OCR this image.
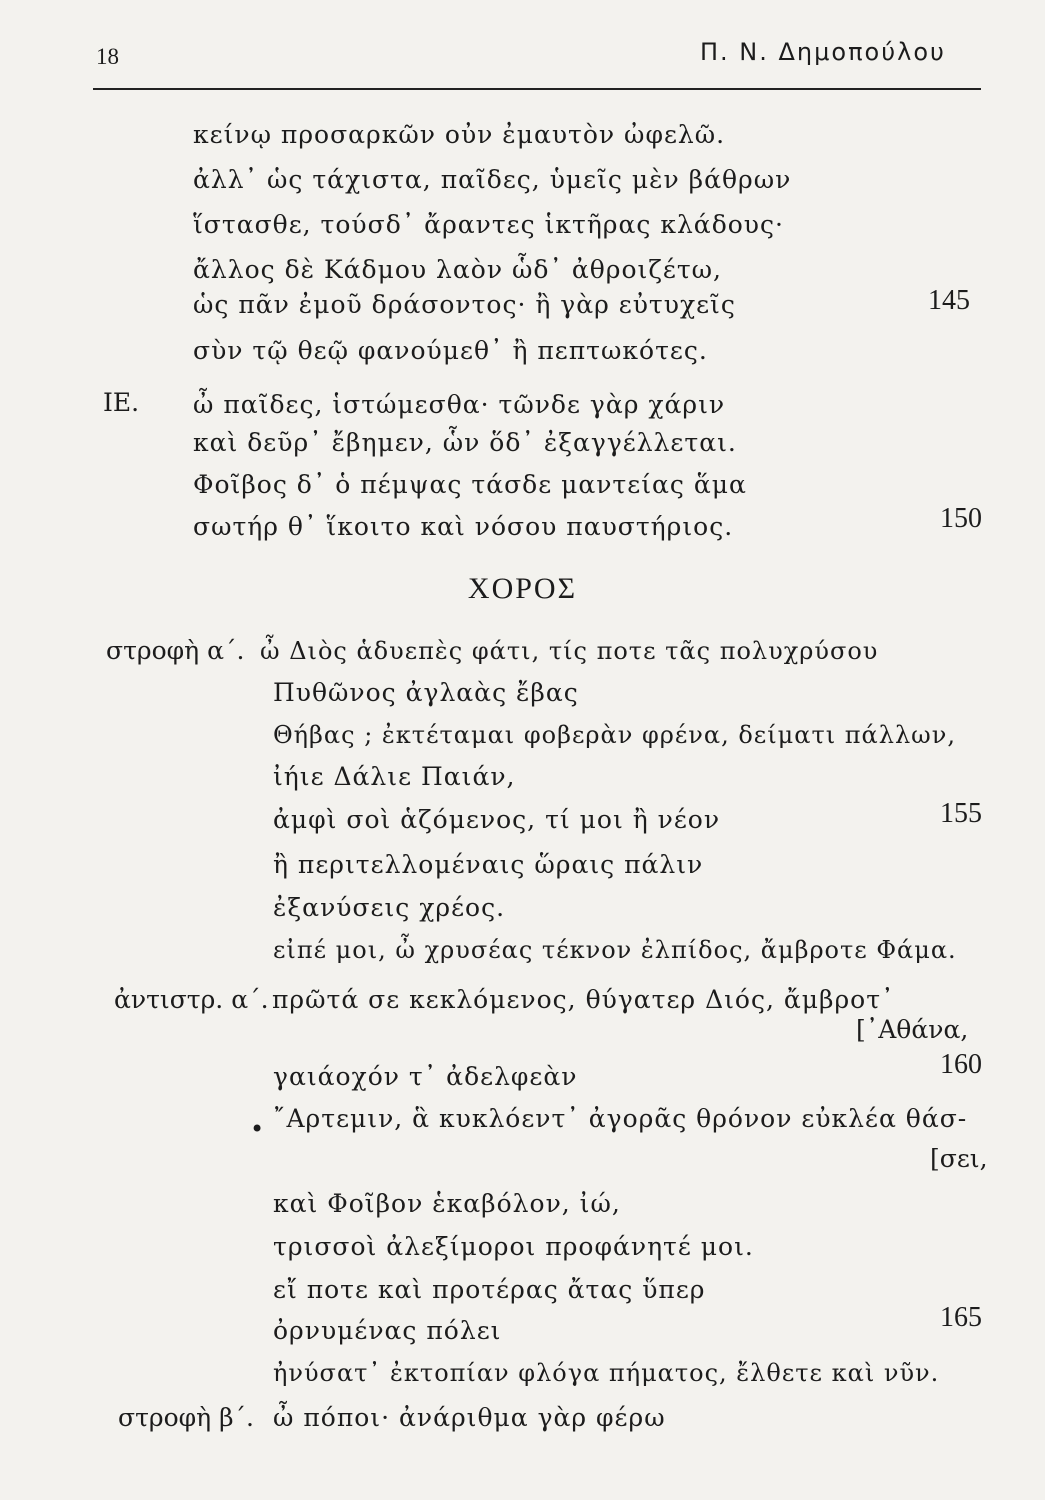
18	Π. Ν. Δημοπούλου
κείνῳ προσαρκῶν οὐν ἐμαυτὸν ὠφελῶ.
ἀλλ᾽ ὡς τάχιστα, παῖδες, ὑμεῖς μὲν βάθρων
ἵστασθε, τούσδ᾽ ἄραντες ἱκτῆρας κλάδους·
ἄλλος δὲ Κάδμου λαὸν ὧδ᾽ ἀθροιζέτω,
ὡς πᾶν ἐμοῦ δράσοντος· ἢ γὰρ εὐτυχεῖς	145
σὺν τῷ θεῷ φανούμεθ᾽ ἢ πεπτωκότες.
ΙΕ. ὦ παῖδες, ἱστώμεσθα· τῶνδε γὰρ χάριν
καὶ δεῦρ᾽ ἔβημεν, ὧν ὅδ᾽ ἐξαγγέλλεται.
Φοῖβος δ᾽ ὁ πέμψας τάσδε μαντείας ἅμα
σωτήρ θ᾽ ἵκοιτο καὶ νόσου παυστήριος.	150
ΧΟΡΟΣ
στροφὴ α΄. ὦ Διὸς ἁδυεπὲς φάτι, τίς ποτε τᾶς πολυχρύσου
Πυθῶνος ἀγλαὰς ἔβας
Θήβας ; ἐκτέταμαι φοβερὰν φρένα, δείματι πάλλων,
ἰήιε Δάλιε Παιάν,
ἀμφὶ σοὶ ἁζόμενος, τί μοι ἢ νέον	155
ἢ περιτελλομέναις ὥραις πάλιν
ἐξανύσεις χρέος.
εἰπέ μοι, ὦ χρυσέας τέκνον ἐλπίδος, ἄμβροτε Φάμα.
ἀντιστρ. α΄. πρῶτά σε κεκλόμενος, θύγατερ Διός, ἄμβροτ᾽
[᾽Αθάνα,
γαιάοχόν τ᾽ ἀδελφεὰν	160
• ῎Αρτεμιν, ἃ κυκλόεντ᾽ ἀγορᾶς θρόνον εὐκλέα θάσ-
[σει,
καὶ Φοῖβον ἑκαβόλον, ἰώ,
τρισσοὶ ἀλεξίμοροι προφάνητέ μοι.
εἴ ποτε καὶ προτέρας ἄτας ὕπερ
ὀρνυμένας πόλει	165
ἠνύσατ᾽ ἐκτοπίαν φλόγα πήματος, ἔλθετε καὶ νῦν.
στροφὴ β΄. ὦ πόποι· ἀνάριθμα γὰρ φέρω
